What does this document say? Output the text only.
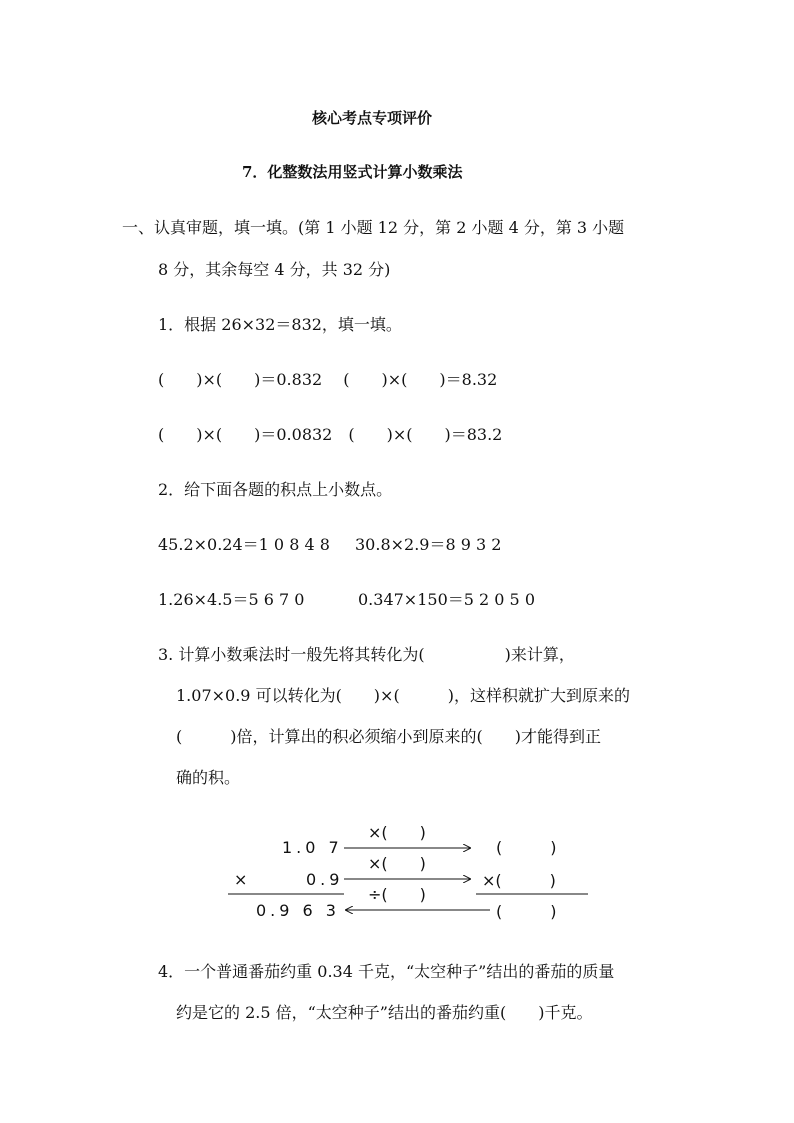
核心考点专项评价
7．化整数法用竖式计算小数乘法
一、认真审题，填一填。(第 1 小题 12 分，第 2 小题 4 分，第 3 小题
8 分，其余每空 4 分，共 32 分)
1．根据 26×32＝832，填一填。
(　　)×(　　)＝0.832　 (　　)×(　　)＝8.32
(　　)×(　　)＝0.0832　(　　)×(　　)＝83.2
2．给下面各题的积点上小数点。
45.2×0.24＝1 0 8 4 8 30.8×2.9＝8 9 3 2
1.26×4.5＝5 6 7 0	0.347×150＝5 2 0 5 0
3. 计算小数乘法时一般先将其转化为(　　　　　)来计算，
1.07×0.9 可以转化为(　　)×(　　　)，这样积就扩大到原来的
(　　　)倍，计算出的积必须缩小到原来的(　　)才能得到正
确的积。
1.0 7
×	0.9
0.9 6 3
×(　　)
×(　　)
÷(　　)
(　　　)
×(　　　)
(　　　)
4．一个普通番茄约重 0.34 千克，“太空种子”结出的番茄的质量
约是它的 2.5 倍，“太空种子”结出的番茄约重(　　)千克。
